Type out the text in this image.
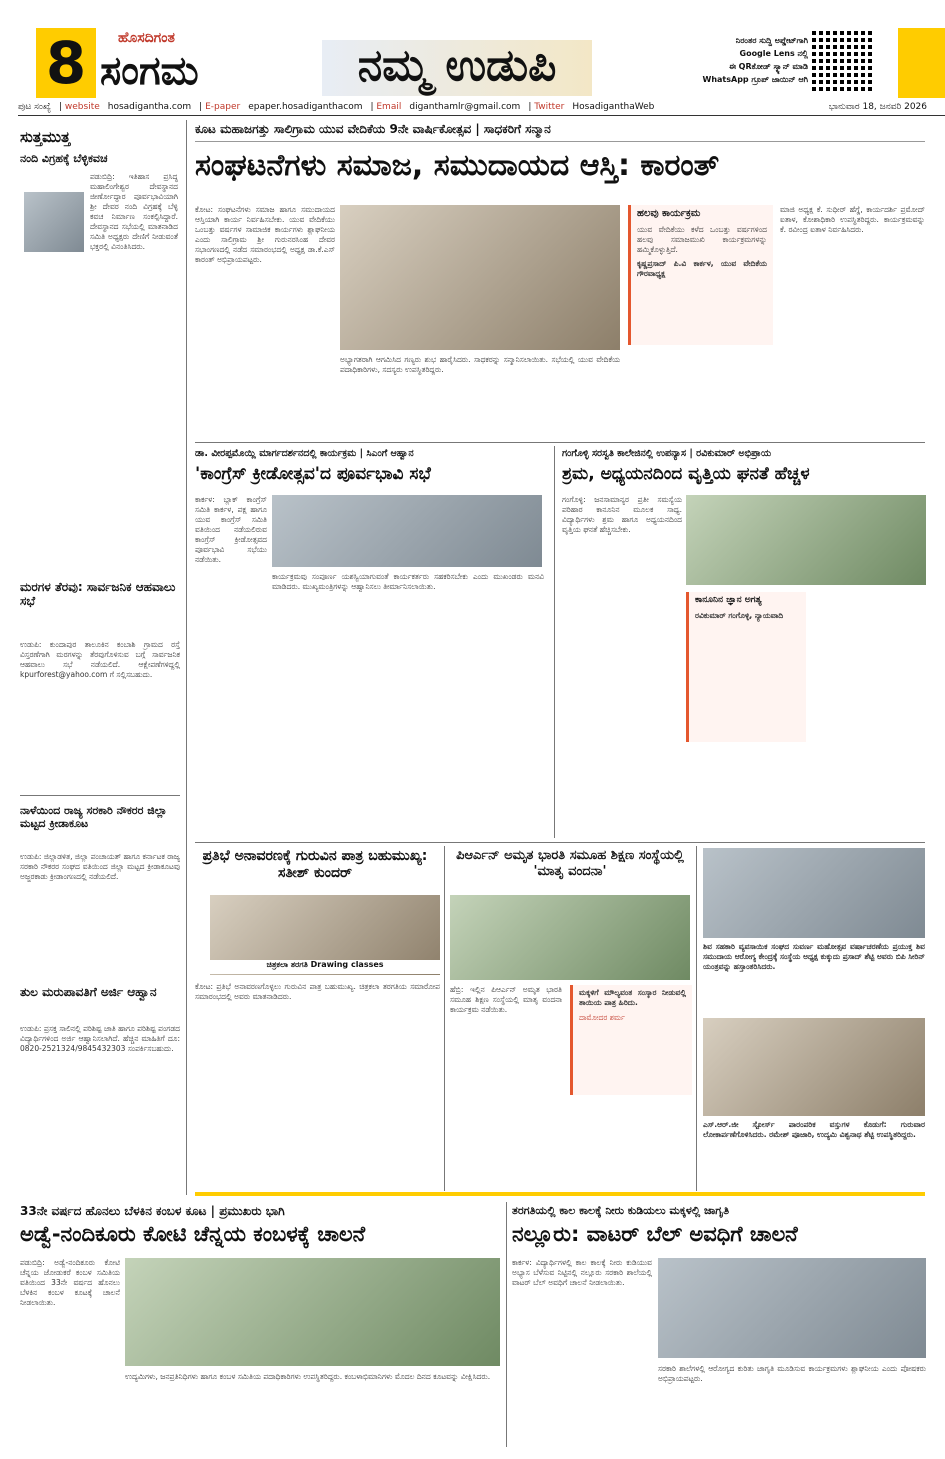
8	ಹೊಸದಿಗಂತ
ಸಂಗಮ	ನಮ್ಮ ಉಡುಪಿ	ನಿರಂತರ ಸುದ್ದಿ ಅಪ್ಡೇಟ್‌ಗಾಗಿ
Google Lens ನಲ್ಲಿ
ಈ QRಕೋಡ್ ಸ್ಕ್ಯಾನ್ ಮಾಡಿ
WhatsApp ಗ್ರೂಪ್ ಜಾಯಿನ್ ಆಗಿ
ಪುಟ ಸಂಖ್ಯೆ | website hosadigantha.com | E-paper epaper.hosadiganthacom | Email diganthamlr@gmail.com | Twitter HosadiganthaWeb	ಭಾನುವಾರ 18, ಜನವರಿ 2026
ಸುತ್ತಮುತ್ತ
ನಂದಿ ವಿಗ್ರಹಕ್ಕೆ ಬೆಳ್ಳಿಕವಚ
ಪಡುಬಿದ್ರಿ: ಇತಿಹಾಸ ಪ್ರಸಿದ್ಧ ಮಹಾಲಿಂಗೇಶ್ವರ ದೇವಸ್ಥಾನದ ಜೀರ್ಣೋದ್ಧಾರ ಪೂರ್ವಭಾವಿಯಾಗಿ ಶ್ರೀ ದೇವರ ನಂದಿ ವಿಗ್ರಹಕ್ಕೆ ಬೆಳ್ಳಿ ಕವಚ ನಿರ್ಮಾಣ ಸಂಕಲ್ಪಿಸಿದ್ದಾರೆ. ದೇವಸ್ಥಾನದ ಸಭೆಯಲ್ಲಿ ಮಾತನಾಡಿದ ಸಮಿತಿ ಅಧ್ಯಕ್ಷರು ದೇಣಿಗೆ ನೀಡುವಂತೆ ಭಕ್ತರಲ್ಲಿ ವಿನಂತಿಸಿದರು.
ಮರಗಳ ತೆರವು: ಸಾರ್ವಜನಿಕ ಆಹವಾಲು ಸಭೆ
ಉಡುಪಿ: ಕುಂದಾಪುರ ತಾಲೂಕಿನ ಕಂಬಾಶಿ ಗ್ರಾಮದ ರಸ್ತೆ ವಿಸ್ತರಣೆಗಾಗಿ ಮರಗಳನ್ನು ತೆರವುಗೊಳಿಸುವ ಬಗ್ಗೆ ಸಾರ್ವಜನಿಕ ಆಹವಾಲು ಸಭೆ ನಡೆಯಲಿದೆ. ಆಕ್ಷೇಪಣೆಗಳಿದ್ದಲ್ಲಿ kpurforest@yahoo.com ಗೆ ಸಲ್ಲಿಸಬಹುದು.
ನಾಳೆಯಿಂದ ರಾಜ್ಯ ಸರಕಾರಿ ನೌಕರರ ಜಿಲ್ಲಾ ಮಟ್ಟದ ಕ್ರೀಡಾಕೂಟ
ಉಡುಪಿ: ಜಿಲ್ಲಾಡಳಿತ, ಜಿಲ್ಲಾ ಪಂಚಾಯತ್ ಹಾಗೂ ಕರ್ನಾಟಕ ರಾಜ್ಯ ಸರಕಾರಿ ನೌಕರರ ಸಂಘದ ವತಿಯಿಂದ ಜಿಲ್ಲಾ ಮಟ್ಟದ ಕ್ರೀಡಾಕೂಟವು ಅಜ್ಜರಕಾಡು ಕ್ರೀಡಾಂಗಣದಲ್ಲಿ ನಡೆಯಲಿದೆ.
ತುಲ ಮರುಪಾವತಿಗೆ ಅರ್ಜಿ ಆಹ್ವಾನ
ಉಡುಪಿ: ಪ್ರಸಕ್ತ ಸಾಲಿನಲ್ಲಿ ಪರಿಶಿಷ್ಟ ಜಾತಿ ಹಾಗೂ ಪರಿಶಿಷ್ಟ ಪಂಗಡದ ವಿದ್ಯಾರ್ಥಿಗಳಿಂದ ಅರ್ಜಿ ಆಹ್ವಾನಿಸಲಾಗಿದೆ. ಹೆಚ್ಚಿನ ಮಾಹಿತಿಗೆ ದೂ: 0820-2521324/9845432303 ಸಂಪರ್ಕಿಸಬಹುದು.
ಕೂಟ ಮಹಾಜಗತ್ತು ಸಾಲಿಗ್ರಾಮ ಯುವ ವೇದಿಕೆಯ 9ನೇ ವಾರ್ಷಿಕೋತ್ಸವ | ಸಾಧಕರಿಗೆ ಸನ್ಮಾನ
ಸಂಘಟನೆಗಳು ಸಮಾಜ, ಸಮುದಾಯದ ಆಸ್ತಿ: ಕಾರಂತ್
ಕೋಟ: ಸಂಘಟನೆಗಳು ಸಮಾಜ ಹಾಗೂ ಸಮುದಾಯದ ಆಸ್ತಿಯಾಗಿ ಕಾರ್ಯ ನಿರ್ವಹಿಸಬೇಕು. ಯುವ ವೇದಿಕೆಯು ಒಂಬತ್ತು ವರ್ಷಗಳ ಸಾಮಾಜಿಕ ಕಾರ್ಯಗಳು ಶ್ಲಾಘನೀಯ ಎಂದು ಸಾಲಿಗ್ರಾಮ ಶ್ರೀ ಗುರುನರಸಿಂಹ ದೇವರ ಸಭಾಂಗಣದಲ್ಲಿ ನಡೆದ ಸಮಾರಂಭದಲ್ಲಿ ಅಧ್ಯಕ್ಷ ಡಾ.ಕೆ.ಎಸ್ ಕಾರಂತ್ ಅಭಿಪ್ರಾಯಪಟ್ಟರು.
ಅಭ್ಯಾಗತರಾಗಿ ಆಗಮಿಸಿದ ಗಣ್ಯರು ಶುಭ ಹಾರೈಸಿದರು. ಸಾಧಕರನ್ನು ಸನ್ಮಾನಿಸಲಾಯಿತು. ಸಭೆಯಲ್ಲಿ ಯುವ ವೇದಿಕೆಯ ಪದಾಧಿಕಾರಿಗಳು, ಸದಸ್ಯರು ಉಪಸ್ಥಿತರಿದ್ದರು.
ಹಲವು ಕಾರ್ಯಕ್ರಮ
ಯುವ ವೇದಿಕೆಯು ಕಳೆದ ಒಂಬತ್ತು ವರ್ಷಗಳಿಂದ ಹಲವು ಸಮಾಜಮುಖಿ ಕಾರ್ಯಕ್ರಮಗಳನ್ನು ಹಮ್ಮಿಕೊಳ್ಳುತ್ತಿದೆ.
ಕೃಷ್ಣಪ್ರಸಾದ್ ಪಿ.ವಿ ಕಾರ್ಕಳ, ಯುವ ವೇದಿಕೆಯ ಗೌರವಾಧ್ಯಕ್ಷ
ಮಾಜಿ ಅಧ್ಯಕ್ಷ ಕೆ. ಸುಧೀರ್ ಹೆಗ್ಡೆ, ಕಾರ್ಯದರ್ಶಿ ಪ್ರಮೋದ್ ಐತಾಳ, ಕೋಶಾಧಿಕಾರಿ ಉಪಸ್ಥಿತರಿದ್ದರು. ಕಾರ್ಯಕ್ರಮವನ್ನು ಕೆ. ರವೀಂದ್ರ ಐತಾಳ ನಿರ್ವಹಿಸಿದರು.
ಡಾ. ವೀರಪ್ಪಮೊಯ್ಲಿ ಮಾರ್ಗದರ್ಶನದಲ್ಲಿ ಕಾರ್ಯಕ್ರಮ | ಸಿಎಂಗೆ ಆಹ್ವಾನ
'ಕಾಂಗ್ರೆಸ್ ಕ್ರೀಡೋತ್ಸವ'ದ ಪೂರ್ವಭಾವಿ ಸಭೆ
ಕಾರ್ಕಳ: ಬ್ಲಾಕ್ ಕಾಂಗ್ರೆಸ್ ಸಮಿತಿ ಕಾರ್ಕಳ, ಪಕ್ಷ ಹಾಗೂ ಯುವ ಕಾಂಗ್ರೆಸ್ ಸಮಿತಿ ವತಿಯಿಂದ ನಡೆಯಲಿರುವ ಕಾಂಗ್ರೆಸ್ ಕ್ರೀಡೋತ್ಸವದ ಪೂರ್ವಭಾವಿ ಸಭೆಯು ನಡೆಯಿತು.
ಕಾರ್ಯಕ್ರಮವು ಸಂಪೂರ್ಣ ಯಶಸ್ವಿಯಾಗುವಂತೆ ಕಾರ್ಯಕರ್ತರು ಸಹಕರಿಸಬೇಕು ಎಂದು ಮುಖಂಡರು ಮನವಿ ಮಾಡಿದರು. ಮುಖ್ಯಮಂತ್ರಿಗಳನ್ನು ಆಹ್ವಾನಿಸಲು ತೀರ್ಮಾನಿಸಲಾಯಿತು.
ಗಂಗೊಳ್ಳಿ ಸರಸ್ವತಿ ಕಾಲೇಜಿನಲ್ಲಿ ಉಪನ್ಯಾಸ | ರವಿಕುಮಾರ್ ಅಭಿಪ್ರಾಯ
ಶ್ರಮ, ಅಧ್ಯಯನದಿಂದ ವೃತ್ತಿಯ ಘನತೆ ಹೆಚ್ಚಳ
ಗಂಗೊಳ್ಳಿ: ಜನಸಾಮಾನ್ಯರ ಪ್ರತೀ ಸಮಸ್ಯೆಯ ಪರಿಹಾರ ಕಾನೂನಿನ ಮೂಲಕ ಸಾಧ್ಯ. ವಿದ್ಯಾರ್ಥಿಗಳು ಶ್ರಮ ಹಾಗೂ ಅಧ್ಯಯನದಿಂದ ವೃತ್ತಿಯ ಘನತೆ ಹೆಚ್ಚಿಸಬೇಕು.
ಕಾನೂನಿನ ಜ್ಞಾನ ಅಗತ್ಯ
ರವಿಕುಮಾರ್ ಗಂಗೊಳ್ಳಿ, ನ್ಯಾಯವಾದಿ
ಪ್ರತಿಭೆ ಅನಾವರಣಕ್ಕೆ ಗುರುವಿನ ಪಾತ್ರ ಬಹುಮುಖ್ಯ: ಸತೀಶ್ ಕುಂದರ್
ಚಿತ್ರಕಲಾ ತರಗತಿ Drawing classes
ಕೋಟ: ಪ್ರತಿಭೆ ಅನಾವರಣಗೊಳ್ಳಲು ಗುರುವಿನ ಪಾತ್ರ ಬಹುಮುಖ್ಯ. ಚಿತ್ರಕಲಾ ತರಗತಿಯ ಸಮಾರೋಪ ಸಮಾರಂಭದಲ್ಲಿ ಅವರು ಮಾತನಾಡಿದರು.
ಪಿಆರ್ಎನ್ ಅಮೃತ ಭಾರತಿ ಸಮೂಹ ಶಿಕ್ಷಣ ಸಂಸ್ಥೆಯಲ್ಲಿ 'ಮಾತೃ ವಂದನಾ'
ಹೆಬ್ರಿ: ಇಲ್ಲಿನ ಪಿಆರ್ಎನ್ ಅಮೃತ ಭಾರತಿ ಸಮೂಹ ಶಿಕ್ಷಣ ಸಂಸ್ಥೆಯಲ್ಲಿ ಮಾತೃ ವಂದನಾ ಕಾರ್ಯಕ್ರಮ ನಡೆಯಿತು.
ಮಕ್ಕಳಿಗೆ ಮೌಲ್ಯವಂತ ಸಂಸ್ಕಾರ ನೀಡುವಲ್ಲಿ ತಾಯಿಯ ಪಾತ್ರ ಹಿರಿದು.
ದಾಮೋದರ ಶರ್ಮ
ಶಿವ ಸಹಕಾರಿ ವ್ಯವಸಾಯಿಕ ಸಂಘದ ಸುವರ್ಣ ಮಹೋತ್ಸವ ವರ್ಷಾಚರಣೆಯ ಪ್ರಯುಕ್ತ ಶಿವ ಸಮುದಾಯ ಆರೋಗ್ಯ ಕೇಂದ್ರಕ್ಕೆ ಸಂಸ್ಥೆಯ ಅಧ್ಯಕ್ಷ ಕುಕ್ಕುದು ಪ್ರಸಾದ್ ಶೆಟ್ಟಿ ಅವರು ಬಿಪಿ ಸೀರಿನ್ ಯಂತ್ರವನ್ನು ಹಸ್ತಾಂತರಿಸಿದರು.
ಎಸ್.ಆರ್.ಜೀ ಸ್ಟೋರ್ಸ್ ಪಾರಂಪರಿಕ ವಸ್ತುಗಳ ಕೊಡುಗೆ: ಗುರುವಾರ ಲೋಕಾರ್ಪಣೆಗೊಳಿಸಿದರು. ರಮೇಶ್ ಪೂಜಾರಿ, ಉದ್ಯಮಿ ವಿಶ್ವನಾಥ ಶೆಟ್ಟಿ ಉಪಸ್ಥಿತರಿದ್ದರು.
33ನೇ ವರ್ಷದ ಹೊನಲು ಬೆಳಕಿನ ಕಂಬಳ ಕೂಟ | ಪ್ರಮುಖರು ಭಾಗಿ
ಅಡ್ವೆ-ನಂದಿಕೂರು ಕೋಟಿ ಚೆನ್ನಯ ಕಂಬಳಕ್ಕೆ ಚಾಲನೆ
ಪಡುಬಿದ್ರಿ: ಅಡ್ವೆ-ನಂದಿಕೂರು ಕೋಟಿ ಚೆನ್ನಯ ಜೋಡುಕರೆ ಕಂಬಳ ಸಮಿತಿಯ ವತಿಯಿಂದ 33ನೇ ವರ್ಷದ ಹೊನಲು ಬೆಳಕಿನ ಕಂಬಳ ಕೂಟಕ್ಕೆ ಚಾಲನೆ ನೀಡಲಾಯಿತು.
ಉದ್ಯಮಿಗಳು, ಜನಪ್ರತಿನಿಧಿಗಳು ಹಾಗೂ ಕಂಬಳ ಸಮಿತಿಯ ಪದಾಧಿಕಾರಿಗಳು ಉಪಸ್ಥಿತರಿದ್ದರು. ಕಂಬಳಾಭಿಮಾನಿಗಳು ಮೊದಲ ದಿನದ ಕೂಟವನ್ನು ವೀಕ್ಷಿಸಿದರು.
ತರಗತಿಯಲ್ಲಿ ಕಾಲ ಕಾಲಕ್ಕೆ ನೀರು ಕುಡಿಯಲು ಮಕ್ಕಳಲ್ಲಿ ಜಾಗೃತಿ
ನಲ್ಲೂರು: ವಾಟರ್ ಬೆಲ್ ಅವಧಿಗೆ ಚಾಲನೆ
ಕಾರ್ಕಳ: ವಿದ್ಯಾರ್ಥಿಗಳಲ್ಲಿ ಕಾಲ ಕಾಲಕ್ಕೆ ನೀರು ಕುಡಿಯುವ ಅಭ್ಯಾಸ ಬೆಳೆಸುವ ನಿಟ್ಟಿನಲ್ಲಿ ನಲ್ಲೂರು ಸರಕಾರಿ ಶಾಲೆಯಲ್ಲಿ ವಾಟರ್ ಬೆಲ್ ಅವಧಿಗೆ ಚಾಲನೆ ನೀಡಲಾಯಿತು.
ಸರಕಾರಿ ಶಾಲೆಗಳಲ್ಲಿ ಆರೋಗ್ಯದ ಕುರಿತು ಜಾಗೃತಿ ಮೂಡಿಸುವ ಕಾರ್ಯಕ್ರಮಗಳು ಶ್ಲಾಘನೀಯ ಎಂದು ಪೋಷಕರು ಅಭಿಪ್ರಾಯಪಟ್ಟರು.
